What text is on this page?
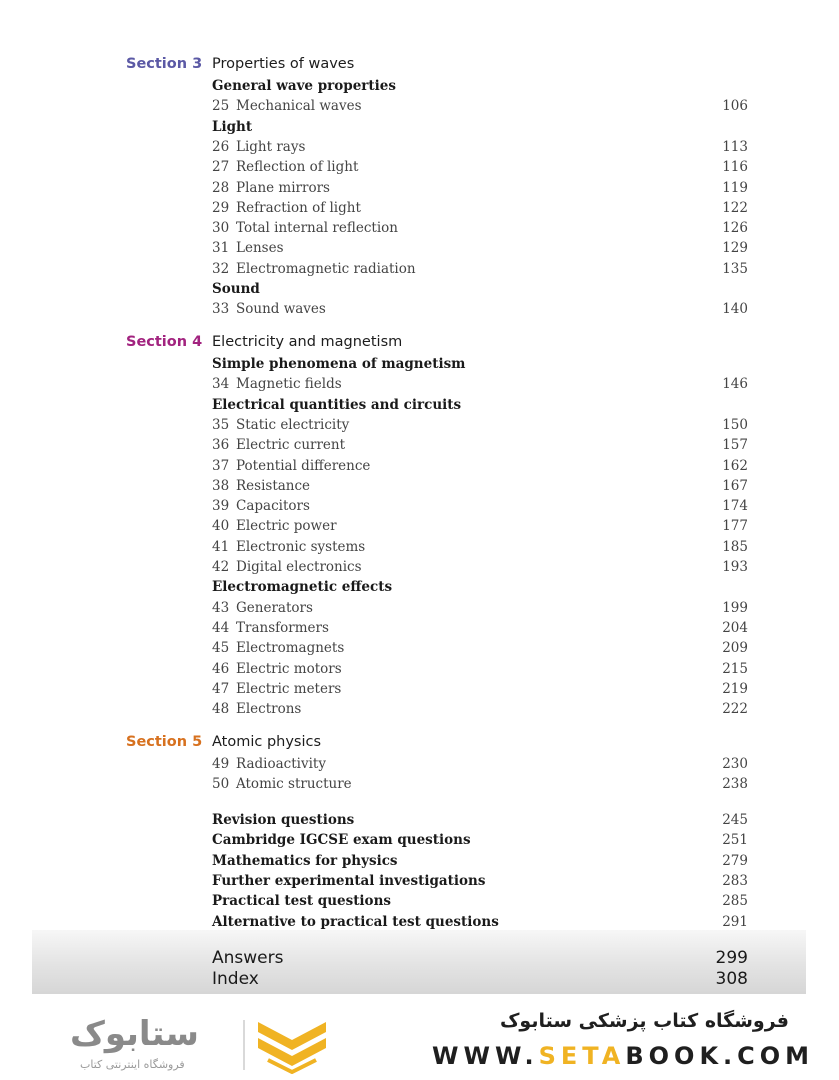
Section 3 Properties of waves
General wave properties
25 Mechanical waves	106
Light
26 Light rays	113
27 Reflection of light	116
28 Plane mirrors	119
29 Refraction of light	122
30 Total internal reflection	126
31 Lenses	129
32 Electromagnetic radiation	135
Sound
33 Sound waves	140
Section 4 Electricity and magnetism
Simple phenomena of magnetism
34 Magnetic fields	146
Electrical quantities and circuits
35 Static electricity	150
36 Electric current	157
37 Potential difference	162
38 Resistance	167
39 Capacitors	174
40 Electric power	177
41 Electronic systems	185
42 Digital electronics	193
Electromagnetic effects
43 Generators	199
44 Transformers	204
45 Electromagnets	209
46 Electric motors	215
47 Electric meters	219
48 Electrons	222
Section 5 Atomic physics
49 Radioactivity	230
50 Atomic structure	238
Revision questions	245
Cambridge IGCSE exam questions	251
Mathematics for physics	279
Further experimental investigations	283
Practical test questions	285
Alternative to practical test questions	291
Answers	299
Index	308
ستابوک
فروشگاه اینترنتی کتاب
فروشگاه کتاب پزشکی ستابوک
WWW.SETABOOK.COM
